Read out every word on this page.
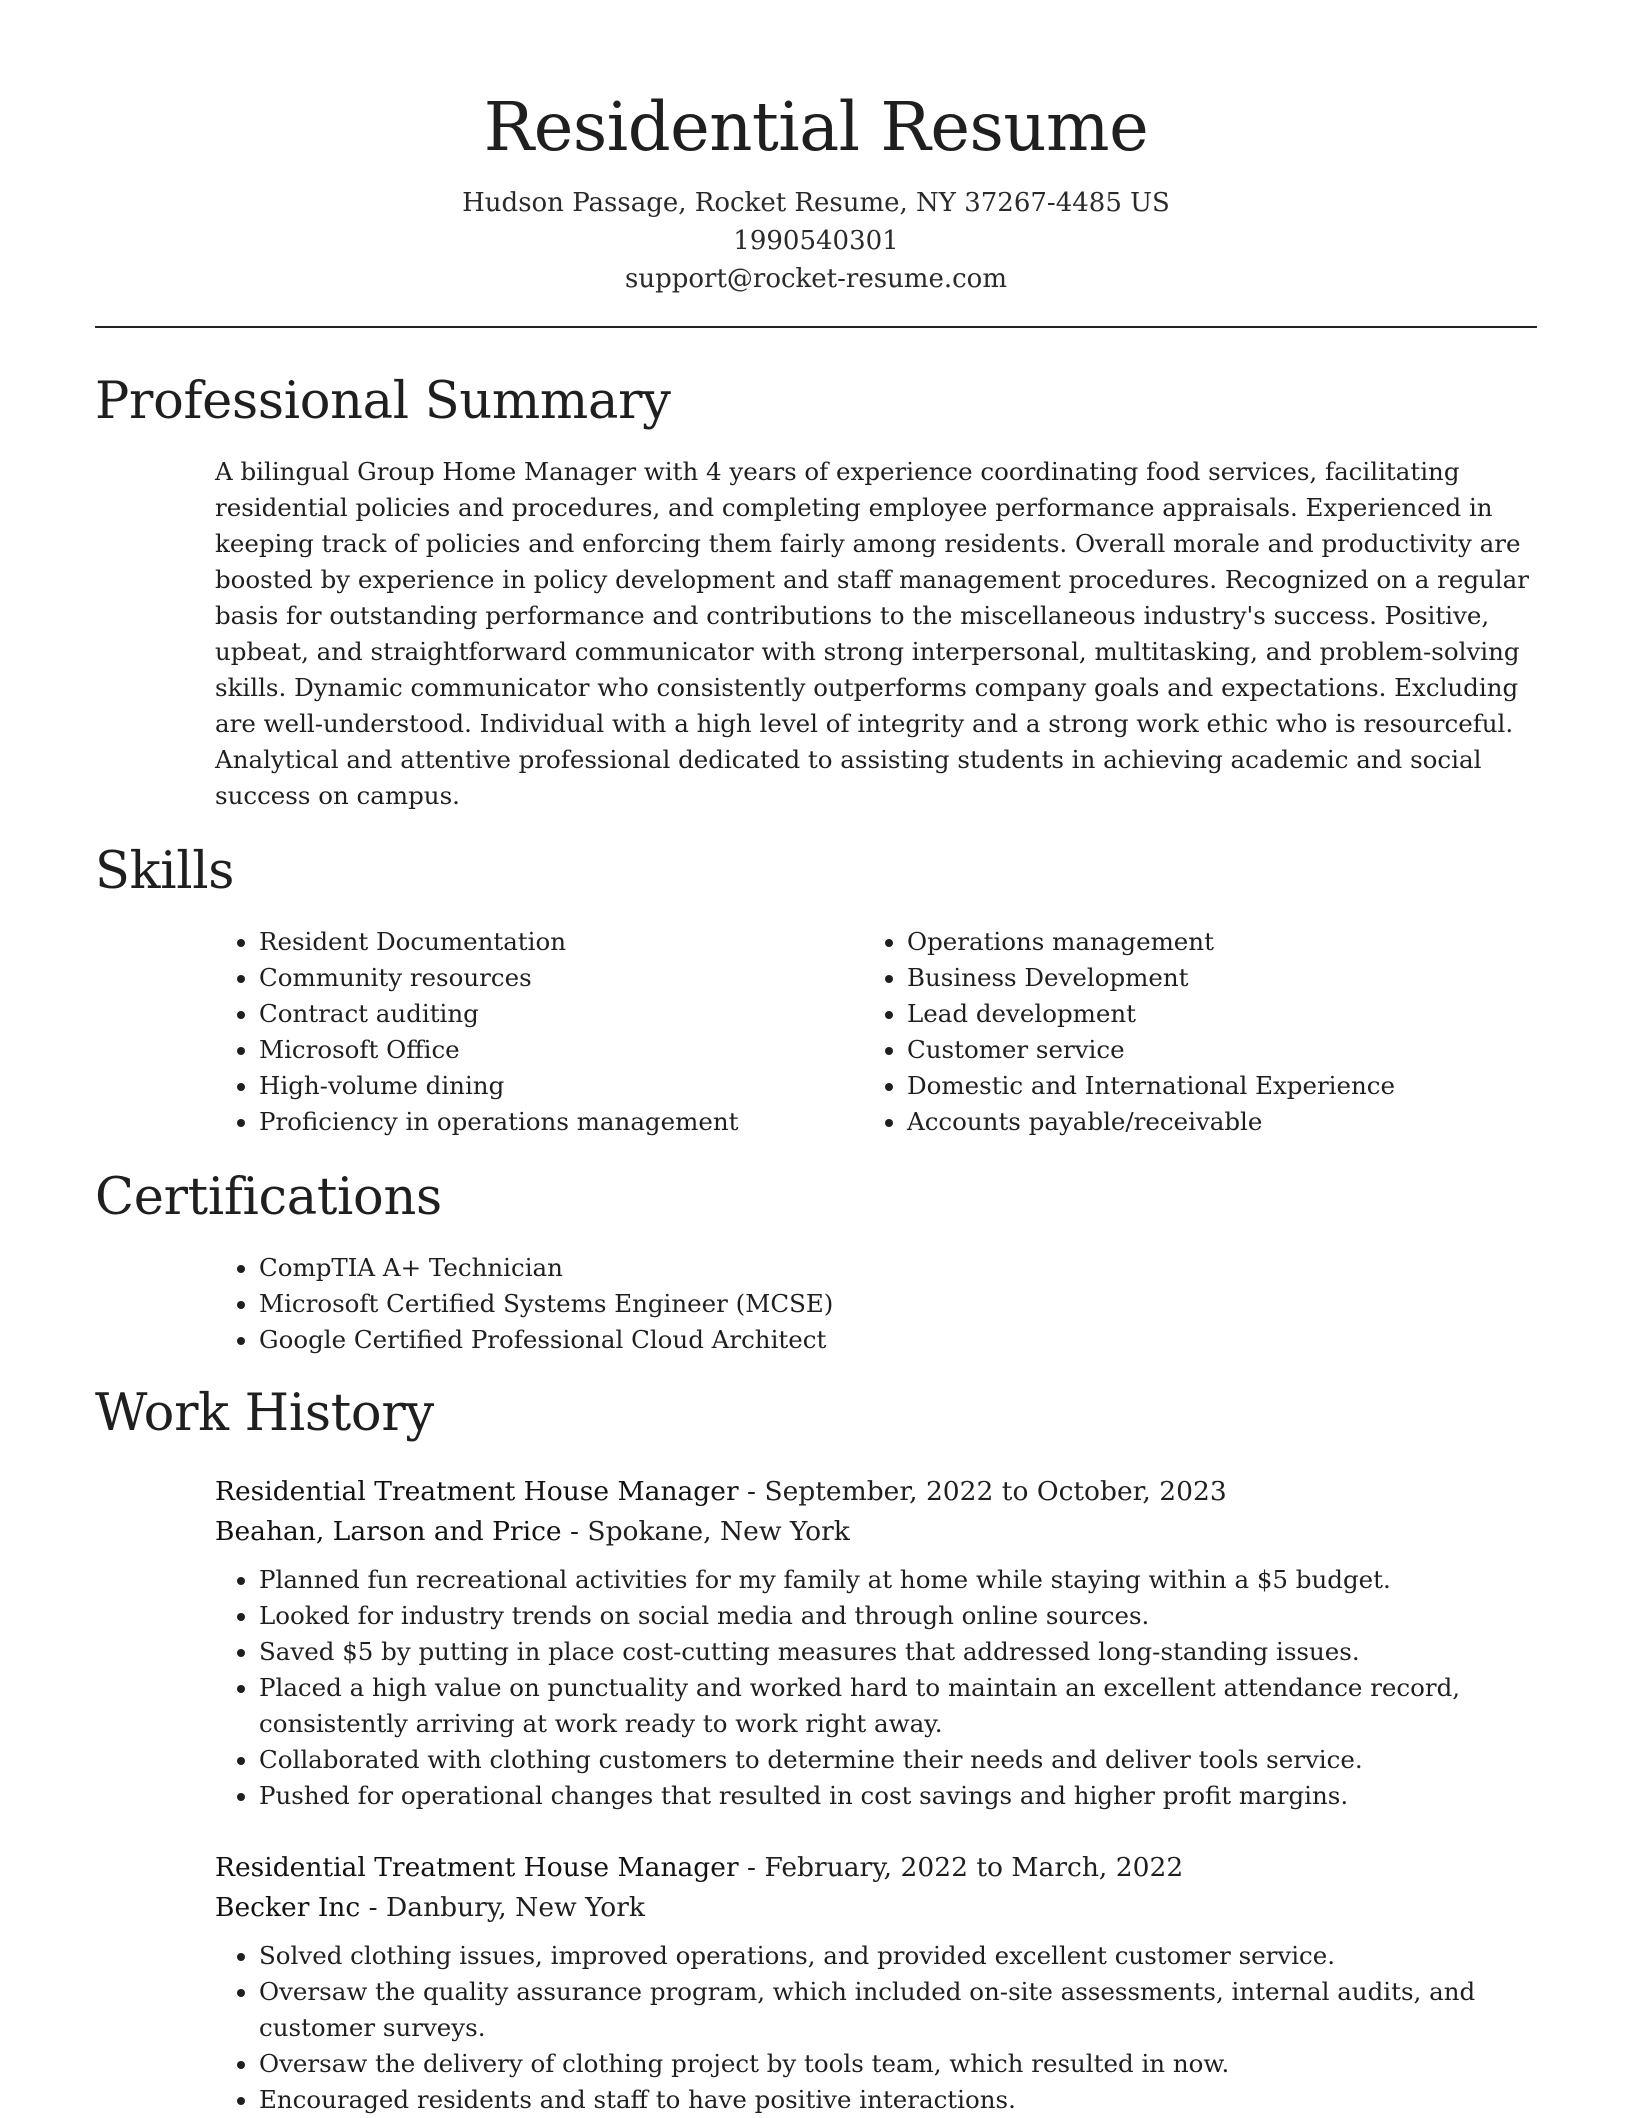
Residential Resume
Hudson Passage, Rocket Resume, NY 37267-4485 US
1990540301
support@rocket-resume.com
Professional Summary
A bilingual Group Home Manager with 4 years of experience coordinating food services, facilitating residential policies and procedures, and completing employee performance appraisals. Experienced in keeping track of policies and enforcing them fairly among residents. Overall morale and productivity are boosted by experience in policy development and staff management procedures. Recognized on a regular basis for outstanding performance and contributions to the miscellaneous industry's success. Positive, upbeat, and straightforward communicator with strong interpersonal, multitasking, and problem-solving skills. Dynamic communicator who consistently outperforms company goals and expectations. Excluding are well-understood. Individual with a high level of integrity and a strong work ethic who is resourceful. Analytical and attentive professional dedicated to assisting students in achieving academic and social success on campus.
Skills
• Resident Documentation
• Community resources
• Contract auditing
• Microsoft Office
• High-volume dining
• Proficiency in operations management
• Operations management
• Business Development
• Lead development
• Customer service
• Domestic and International Experience
• Accounts payable/receivable
Certifications
• CompTIA A+ Technician
• Microsoft Certified Systems Engineer (MCSE)
• Google Certified Professional Cloud Architect
Work History
Residential Treatment House Manager - September, 2022 to October, 2023
Beahan, Larson and Price - Spokane, New York
• Planned fun recreational activities for my family at home while staying within a $5 budget.
• Looked for industry trends on social media and through online sources.
• Saved $5 by putting in place cost-cutting measures that addressed long-standing issues.
• Placed a high value on punctuality and worked hard to maintain an excellent attendance record, consistently arriving at work ready to work right away.
• Collaborated with clothing customers to determine their needs and deliver tools service.
• Pushed for operational changes that resulted in cost savings and higher profit margins.
Residential Treatment House Manager - February, 2022 to March, 2022
Becker Inc - Danbury, New York
• Solved clothing issues, improved operations, and provided excellent customer service.
• Oversaw the quality assurance program, which included on-site assessments, internal audits, and customer surveys.
• Oversaw the delivery of clothing project by tools team, which resulted in now.
• Encouraged residents and staff to have positive interactions.
